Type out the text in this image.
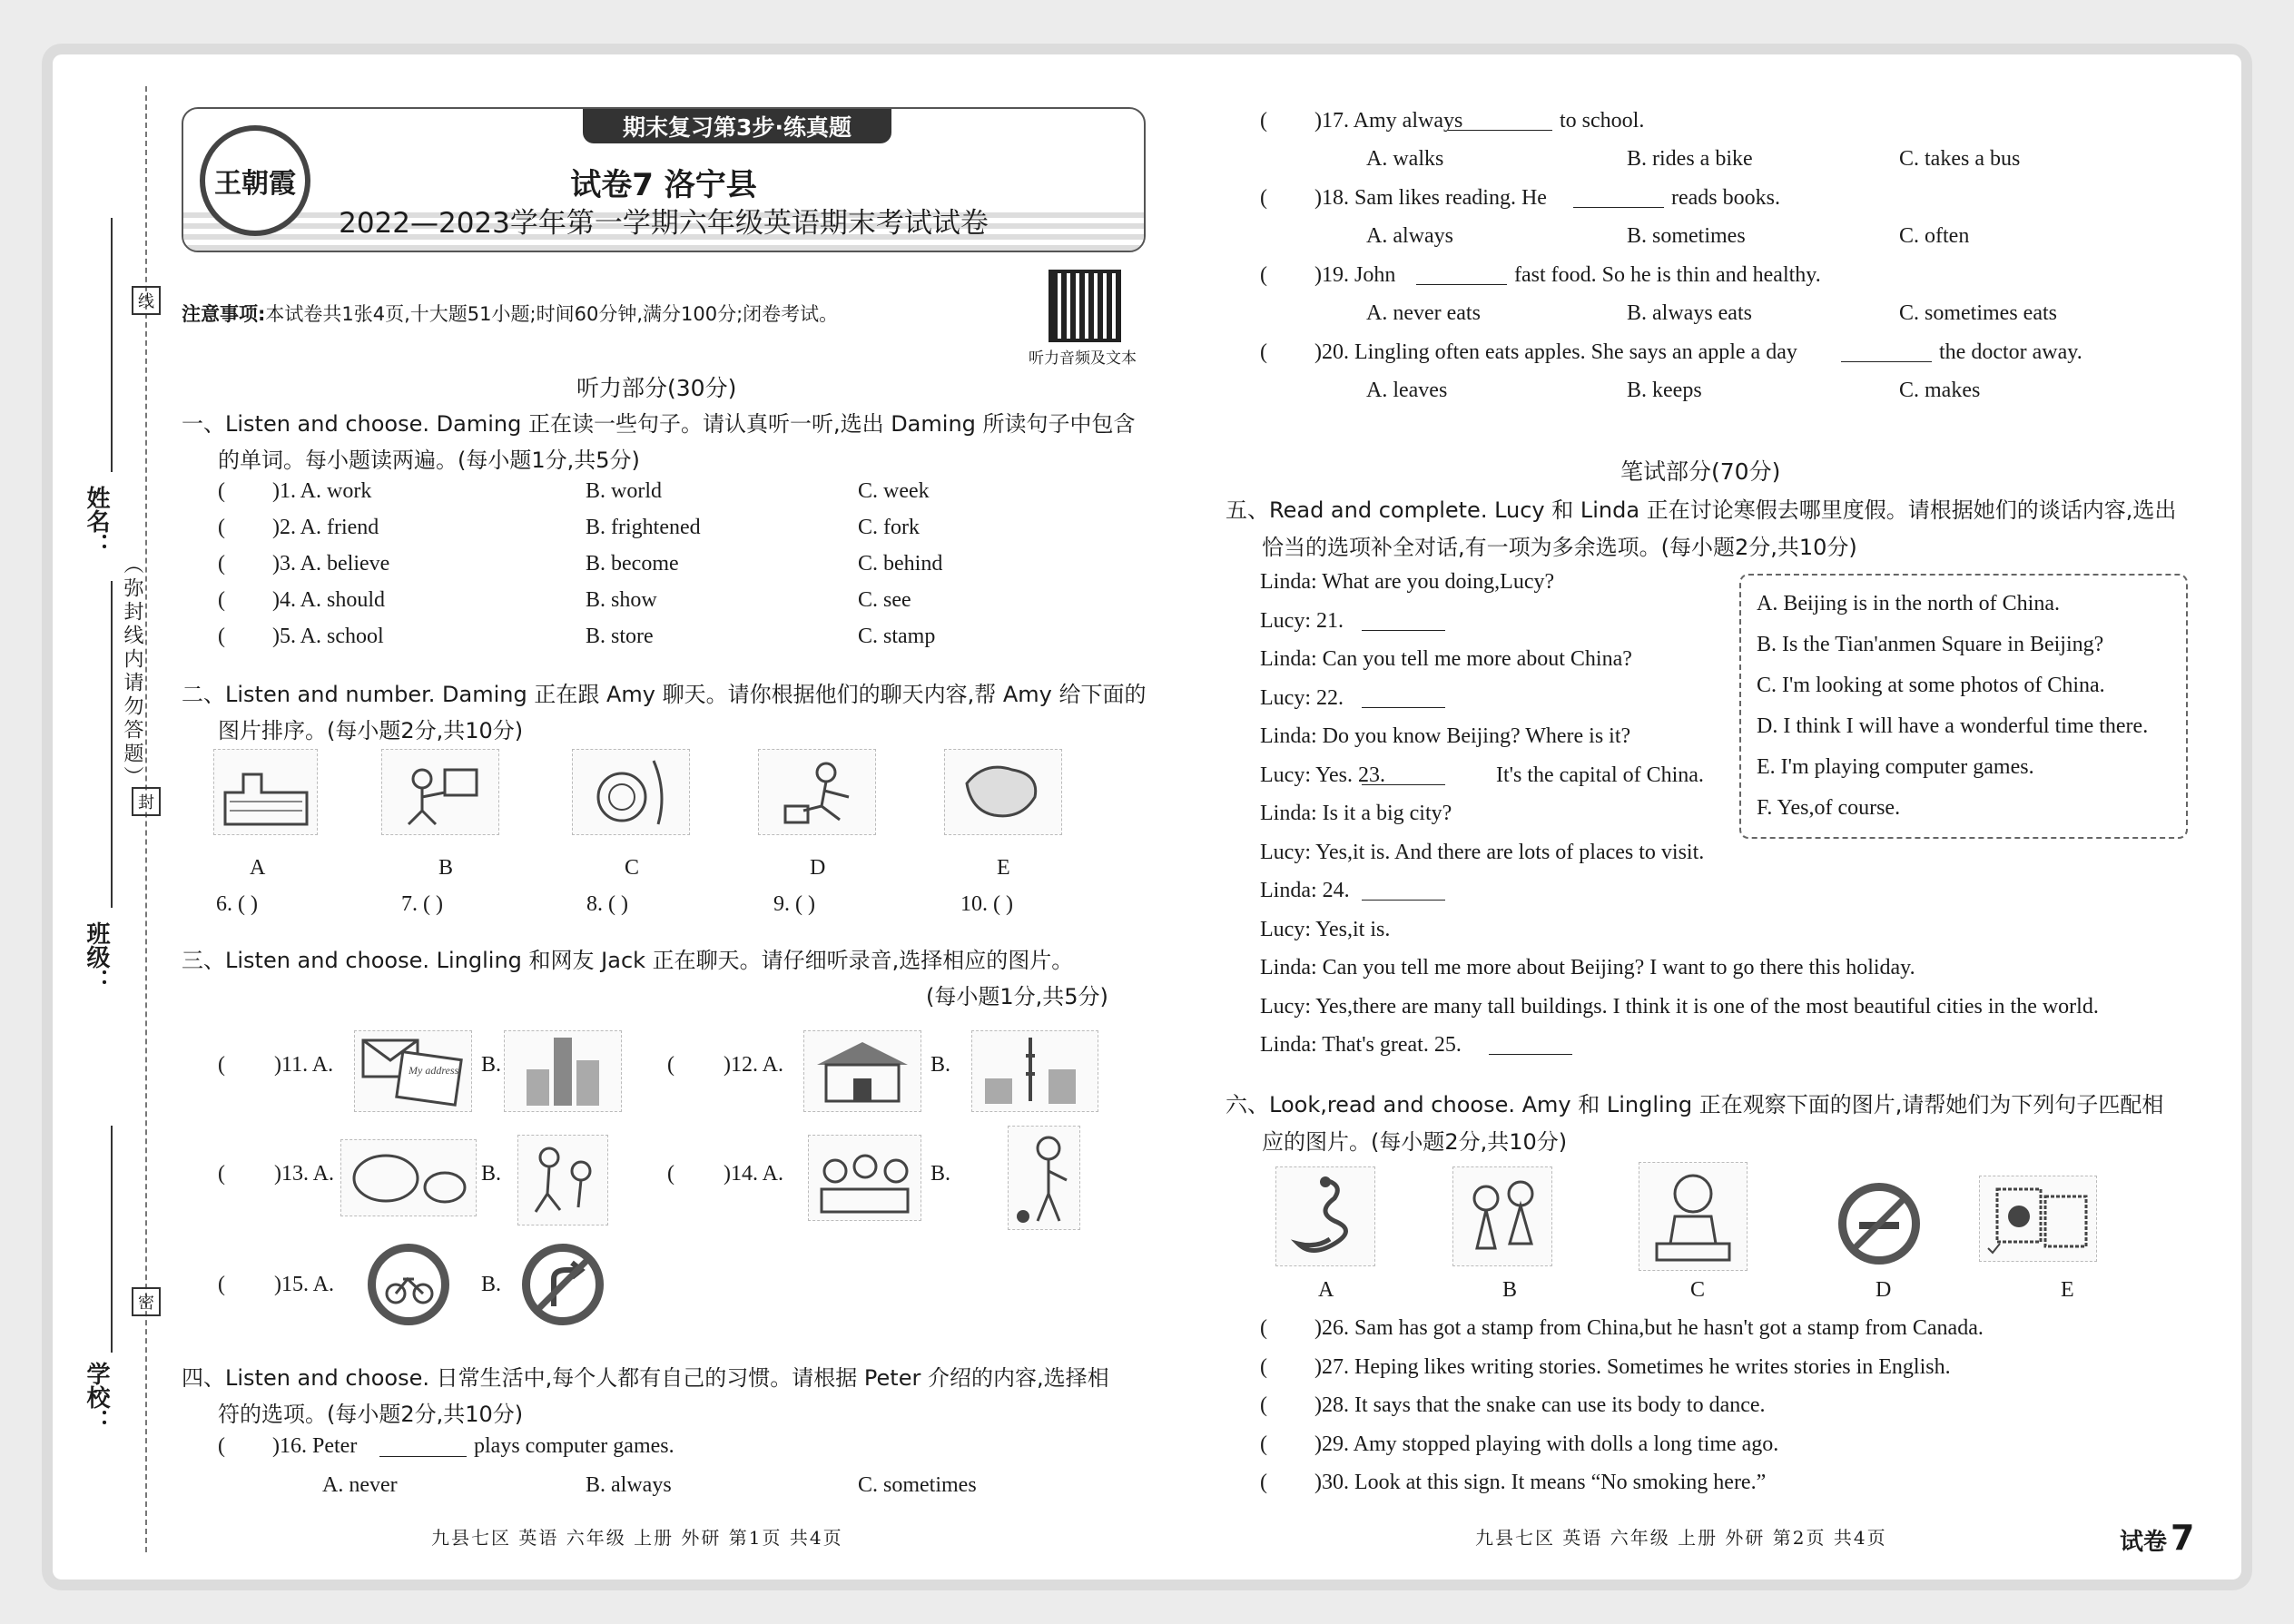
姓名：
班级：
学校：
线
封
密
（弥封线内请勿答题）
期末复习第3步·练真题
王朝霞	试卷7 洛宁县
2022—2023学年第一学期六年级英语期末考试试卷
注意事项:本试卷共1张4页,十大题51小题;时间60分钟,满分100分;闭卷考试。
听力音频及文本
听力部分(30分)
一、Listen and choose. Daming 正在读一些句子。请认真听一听,选出 Daming 所读句子中包含
的单词。每小题读两遍。(每小题1分,共5分)
( )1. A. work	B. world	C. week
( )2. A. friend	B. frightened	C. fork
( )3. A. believe	B. become	C. behind
( )4. A. should	B. show	C. see
( )5. A. school	B. store	C. stamp
二、Listen and number. Daming 正在跟 Amy 聊天。请你根据他们的聊天内容,帮 Amy 给下面的
图片排序。(每小题2分,共10分)
A	B	C	D	E
6. ( )	7. ( )	8. ( )	9. ( )	10. ( )
三、Listen and choose. Lingling 和网友 Jack 正在聊天。请仔细听录音,选择相应的图片。
(每小题1分,共5分)
( )11. A.	B.	( )12. A.	B.
( )13. A.	B.	( )14. A.	B.
( )15. A.	B.
My address
四、Listen and choose. 日常生活中,每个人都有自己的习惯。请根据 Peter 介绍的内容,选择相
符的选项。(每小题2分,共10分)
( )16. Peter	plays computer games.
A. never	B. always	C. sometimes
( )17. Amy always	to school.
A. walks	B. rides a bike	C. takes a bus
( )18. Sam likes reading. He	reads books.
A. always	B. sometimes	C. often
( )19. John	fast food. So he is thin and healthy.
A. never eats	B. always eats	C. sometimes eats
( )20. Lingling often eats apples. She says an apple a day	the doctor away.
A. leaves	B. keeps	C. makes
笔试部分(70分)
五、Read and complete. Lucy 和 Linda 正在讨论寒假去哪里度假。请根据她们的谈话内容,选出
恰当的选项补全对话,有一项为多余选项。(每小题2分,共10分)
Linda: What are you doing,Lucy?
Lucy: 21.
Linda: Can you tell me more about China?
Lucy: 22.
Linda: Do you know Beijing? Where is it?
Lucy: Yes. 23.
Linda: Is it a big city?
Lucy: Yes,it is. And there are lots of places to visit.
Linda: 24.
Lucy: Yes,it is.
Linda: Can you tell me more about Beijing? I want to go there this holiday.
Lucy: Yes,there are many tall buildings. I think it is one of the most beautiful cities in the world.
Linda: That's great. 25.
It's the capital of China.
A. Beijing is in the north of China.
B. Is the Tian'anmen Square in Beijing?
C. I'm looking at some photos of China.
D. I think I will have a wonderful time there.
E. I'm playing computer games.
F. Yes,of course.
六、Look,read and choose. Amy 和 Lingling 正在观察下面的图片,请帮她们为下列句子匹配相
应的图片。(每小题2分,共10分)
A	B	C	D	E
( )26. Sam has got a stamp from China,but he hasn't got a stamp from Canada.
( )27. Heping likes writing stories. Sometimes he writes stories in English.
( )28. It says that the snake can use its body to dance.
( )29. Amy stopped playing with dolls a long time ago.
( )30. Look at this sign. It means “No smoking here.”
九县七区 英语 六年级 上册 外研 第1页 共4页	九县七区 英语 六年级 上册 外研 第2页 共4页	试卷 7
